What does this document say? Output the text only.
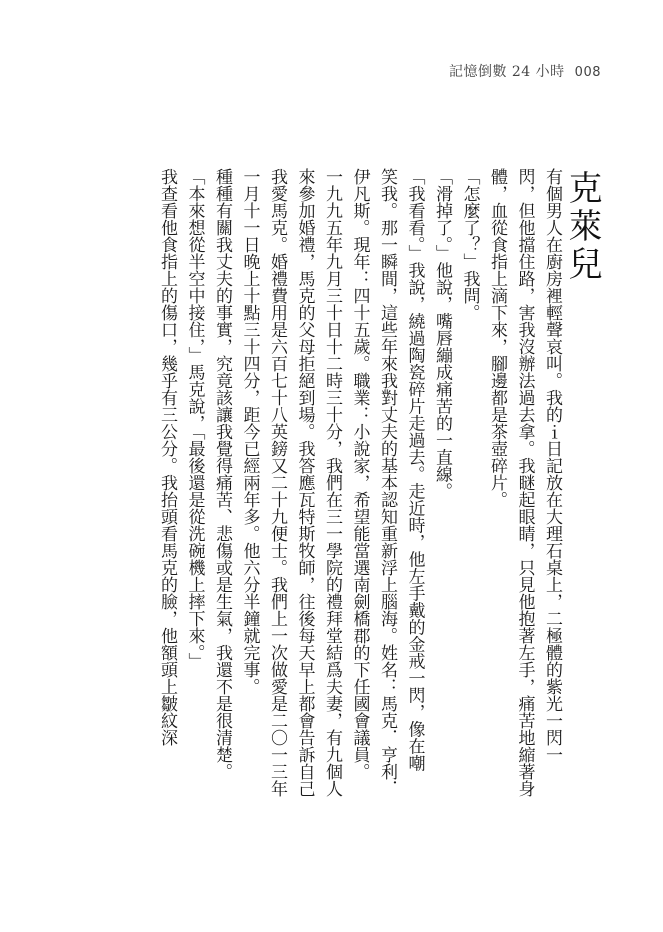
記憶倒數 24 小時 008
克萊兒

有個男人在廚房裡輕聲哀叫。我的ｉ日記放在大理石桌上，二極體的紫光一閃一

閃，但他擋住路，害我沒辦法過去拿。我瞇起眼睛，只見他抱著左手，痛苦地縮著身

體，血從食指上滴下來，腳邊都是茶壺碎片。

「怎麼了？」我問。

「滑掉了。」他說，嘴唇繃成痛苦的一直線。

「我看看。」我說，繞過陶瓷碎片走過去。走近時，他左手戴的金戒一閃，像在嘲

笑我。那一瞬間，這些年來我對丈夫的基本認知重新浮上腦海。姓名：馬克．亨利．

伊凡斯。現年：四十五歲。職業：小說家，希望能當選南劍橋郡的下任國會議員。

一九九五年九月三十日十二時三十分，我們在三一學院的禮拜堂結爲夫妻，有九個人

來參加婚禮，馬克的父母拒絕到場。我答應瓦特斯牧師，往後每天早上都會告訴自己

我愛馬克。婚禮費用是六百七十八英鎊又二十九便士。我們上一次做愛是二〇一三年

一月十一日晚上十點三十四分，距今已經兩年多。他六分半鐘就完事。

種種有關我丈夫的事實，究竟該讓我覺得痛苦、悲傷或是生氣，我還不是很清楚。

「本來想從半空中接住，」馬克說，「最後還是從洗碗機上摔下來。」

我查看他食指上的傷口，幾乎有三公分。我抬頭看馬克的臉，他額頭上皺紋深
